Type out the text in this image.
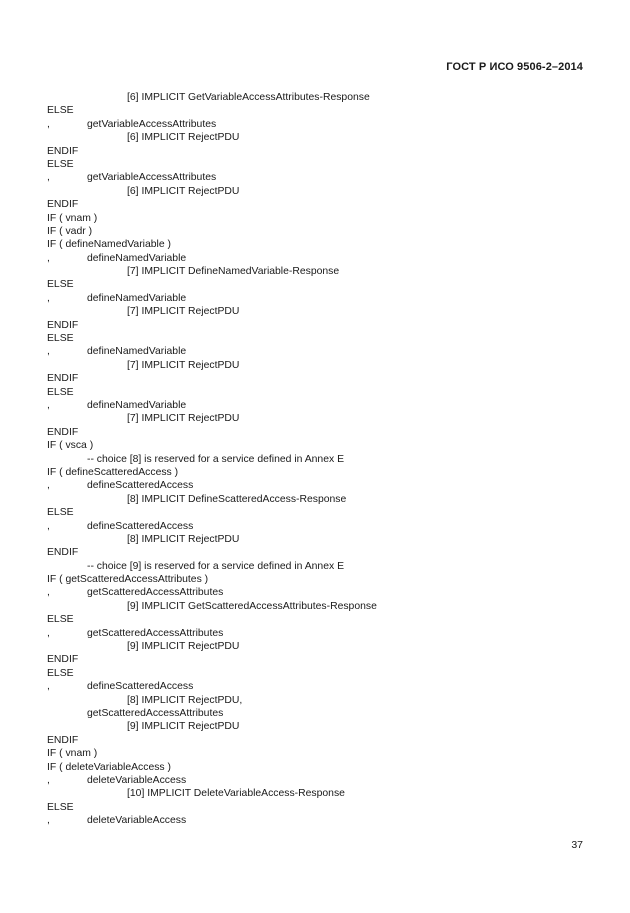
ГОСТ Р ИСО 9506-2–2014
[6] IMPLICIT GetVariableAccessAttributes-Response
ELSE
,	getVariableAccessAttributes
[6] IMPLICIT RejectPDU
ENDIF
ELSE
,	getVariableAccessAttributes
[6] IMPLICIT RejectPDU
ENDIF
IF ( vnam )
IF ( vadr )
IF ( defineNamedVariable )
,	defineNamedVariable
[7] IMPLICIT DefineNamedVariable-Response
ELSE
,	defineNamedVariable
[7] IMPLICIT RejectPDU
ENDIF
ELSE
,	defineNamedVariable
[7] IMPLICIT RejectPDU
ENDIF
ELSE
,	defineNamedVariable
[7] IMPLICIT RejectPDU
ENDIF
IF ( vsca )
-- choice [8] is reserved for a service defined in Annex E
IF ( defineScatteredAccess )
,	defineScatteredAccess
[8] IMPLICIT DefineScatteredAccess-Response
ELSE
,	defineScatteredAccess
[8] IMPLICIT RejectPDU
ENDIF
-- choice [9] is reserved for a service defined in Annex E
IF ( getScatteredAccessAttributes )
,	getScatteredAccessAttributes
[9] IMPLICIT GetScatteredAccessAttributes-Response
ELSE
,	getScatteredAccessAttributes
[9] IMPLICIT RejectPDU
ENDIF
ELSE
,	defineScatteredAccess
[8] IMPLICIT RejectPDU,
getScatteredAccessAttributes
[9] IMPLICIT RejectPDU
ENDIF
IF ( vnam )
IF ( deleteVariableAccess )
,	deleteVariableAccess
[10] IMPLICIT DeleteVariableAccess-Response
ELSE
,	deleteVariableAccess
37
